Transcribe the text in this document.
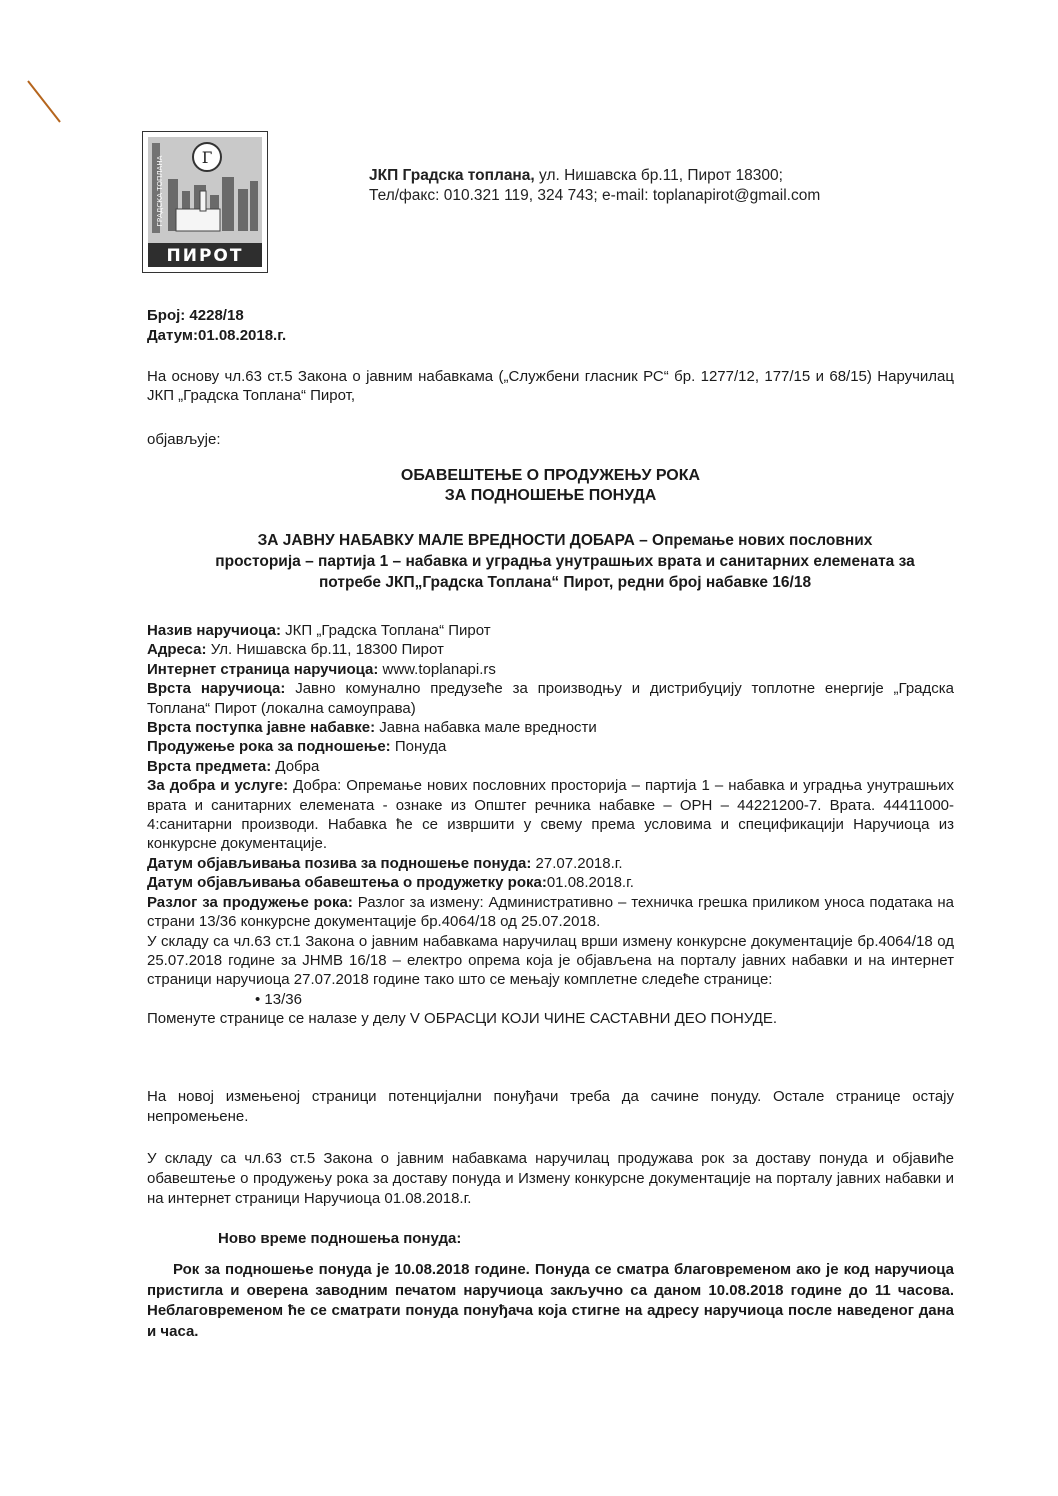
Г
ПИРОТ
ГРАДСКА ТОПЛАНА	ЈКП Градска топлана, ул. Нишавска бр.11, Пирот 18300;
Тел/факс: 010.321 119, 324 743; e-mail: toplanapirot@gmail.com
Број: 4228/18
Датум:01.08.2018.г.
На основу чл.63 ст.5 Закона о јавним набавкама („Службени гласник РС“ бр. 1277/12, 177/15 и 68/15) Наручилац ЈКП „Градска Топлана“ Пирот,
објављује:
ОБАВЕШТЕЊЕ О ПРОДУЖЕЊУ РОКА
ЗА ПОДНОШЕЊЕ ПОНУДА
ЗА ЈАВНУ НАБАВКУ МАЛЕ ВРЕДНОСТИ ДОБАРА – Опремање нових пословних
просторија – партија 1 – набавка и уградња унутрашњих врата и санитарних елемената за
потребе ЈКП„Градска Топлана“ Пирот, редни број набавке 16/18
Назив наручиоца: ЈКП „Градска Топлана“ Пирот
Адреса: Ул. Нишавска бр.11, 18300 Пирот
Интернет страница наручиоца: www.toplanapi.rs
Врста наручиоца: Јавно комунално предузеће за производњу и дистрибуцију топлотне енергије „Градска Топлана“ Пирот (локална самоуправа)
Врста поступка јавне набавке: Јавна набавка мале вредности
Продужење рока за подношење: Понуда
Врста предмета: Добра
За добра и услуге: Добра: Опремање нових пословних просторија – партија 1 – набавка и уградња унутрашњих врата и санитарних елемената - ознаке из Општег речника набавке – ОРН – 44221200-7. Врата. 44411000-4:санитарни производи. Набавка ће се извршити у свему према условима и спецификацији Наручиоца из конкурсне документације.
Датум објављивања позива за подношење понуда: 27.07.2018.г.
Датум објављивања обавештења о продужетку рока:01.08.2018.г.
Разлог за продужење рока: Разлог за измену: Административно – техничка грешка приликом уноса података на страни 13/36 конкурсне документације бр.4064/18 од 25.07.2018.
У складу са чл.63 ст.1 Закона о јавним набавкама наручилац врши измену конкурсне документације бр.4064/18 од 25.07.2018 године за ЈНМВ 16/18 – електро опрема која је објављена на порталу јавних набавки и на интернет страници наручиоца 27.07.2018 године тако што се мењају комплетне следеће странице:
• 13/36
Поменуте странице се налазе у делу V ОБРАСЦИ КОЈИ ЧИНЕ САСТАВНИ ДЕО ПОНУДЕ.
На новој измењеној страници потенцијални понуђачи треба да сачине понуду. Остале странице остају непромењене.
У складу са чл.63 ст.5 Закона о јавним набавкама наручилац продужава рок за доставу понуда и објавиће обавештење о продужењу рока за доставу понуда и Измену конкурсне документације на порталу јавних набавки и на интернет страници Наручиоца 01.08.2018.г.
Ново време подношења понуда:
Рок за подношење понуда је 10.08.2018 године. Понуда се сматра благовременом ако је код наручиоца пристигла и оверена заводним печатом наручиоца закључно са даном 10.08.2018 године до 11 часова. Неблаговременом ће се сматрати понуда понуђача која стигне на адресу наручиоца после наведеног дана и часа.
